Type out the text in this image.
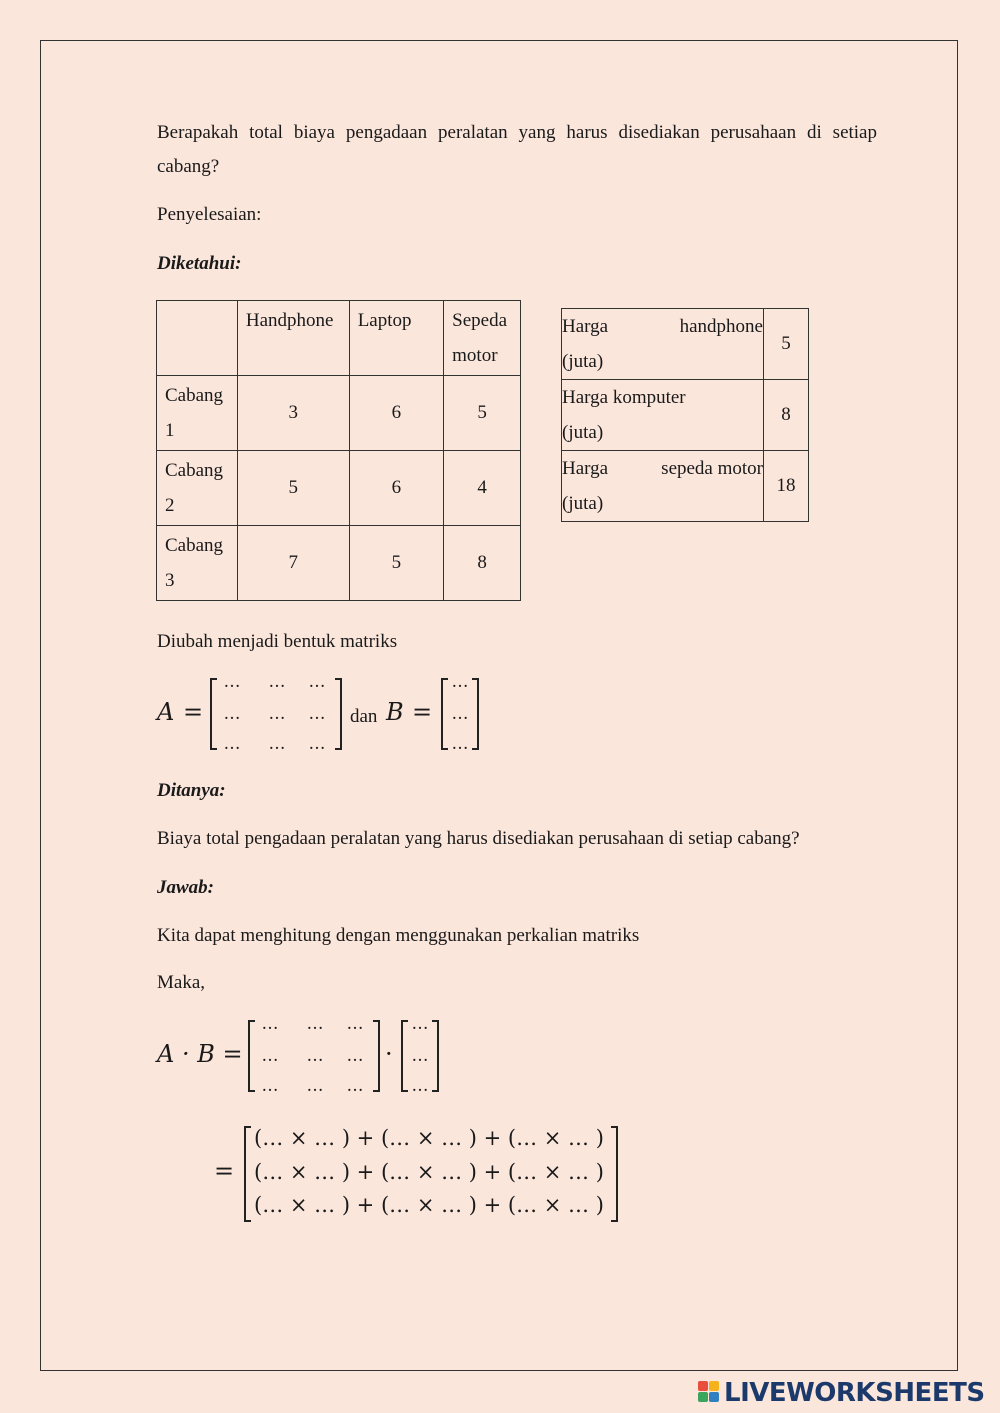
Berapakah total biaya pengadaan peralatan yang harus disediakan perusahaan di setiap cabang?

Penyelesaian:

Diketahui:

	Handphone	Laptop	Sepeda motor

Cabang 1	3	6	5

Cabang 2	5	6	4

Cabang 3	7	5	8
Harga handphone
(juta)	5

Harga komputer
(juta)	8

Harga sepeda motor
(juta)	18

Diubah menjadi bentuk matriks

A =
…	…	…
…	…	…
…	…	…
dan B =
…
…
…

Ditanya:

Biaya total pengadaan peralatan yang harus disediakan perusahaan di setiap cabang?

Jawab:

Kita dapat menghitung dengan menggunakan perkalian matriks

Maka,

A · B =
…	…	…
…	…	…
…	…	…
·
…
…
…
=
(… × … ) + (… × … ) + (… × … )
(… × … ) + (… × … ) + (… × … )
(… × … ) + (… × … ) + (… × … )
LIVEWORKSHEETS
